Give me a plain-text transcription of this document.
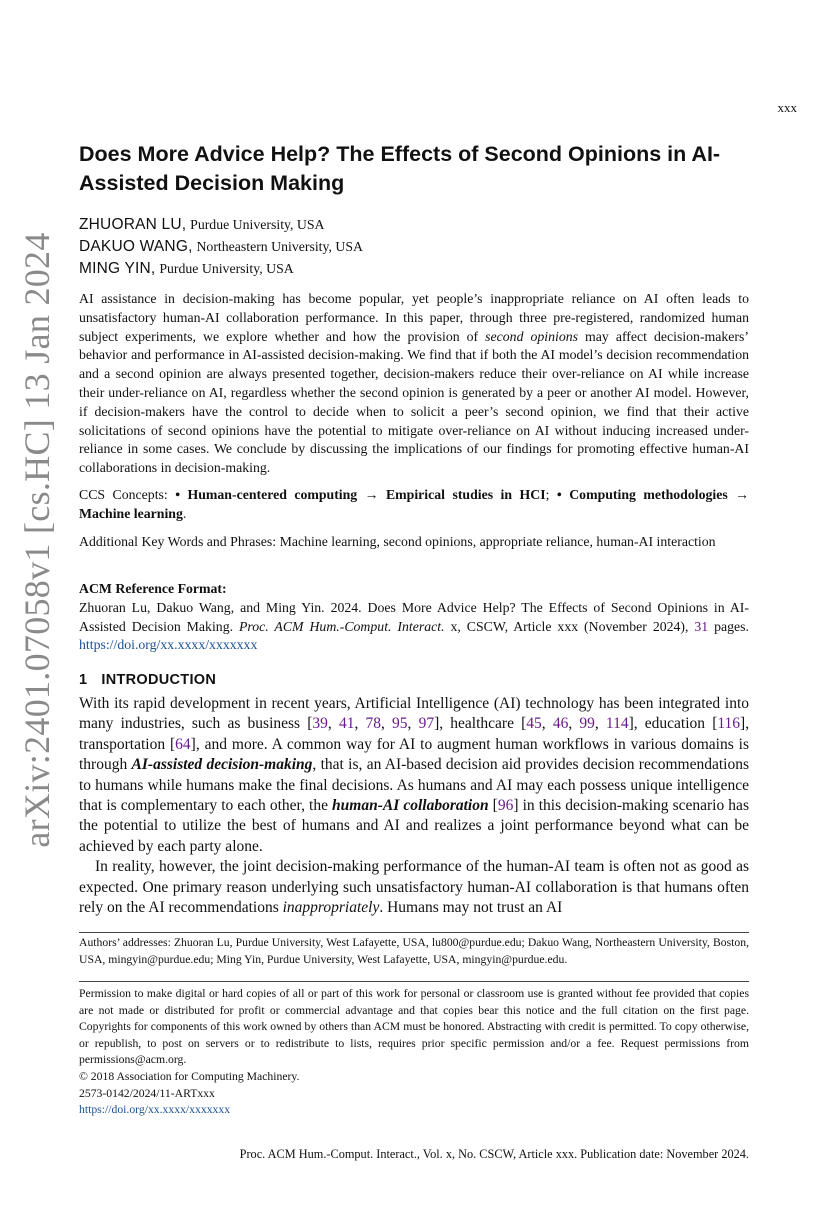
arXiv:2401.07058v1 [cs.HC] 13 Jan 2024
xxx
Does More Advice Help? The Effects of Second Opinions in AI-Assisted Decision Making
ZHUORAN LU, Purdue University, USA
DAKUO WANG, Northeastern University, USA
MING YIN, Purdue University, USA
AI assistance in decision-making has become popular, yet people’s inappropriate reliance on AI often leads to unsatisfactory human-AI collaboration performance. In this paper, through three pre-registered, randomized human subject experiments, we explore whether and how the provision of second opinions may affect decision-makers’ behavior and performance in AI-assisted decision-making. We find that if both the AI model’s decision recommendation and a second opinion are always presented together, decision-makers reduce their over-reliance on AI while increase their under-reliance on AI, regardless whether the second opinion is generated by a peer or another AI model. However, if decision-makers have the control to decide when to solicit a peer’s second opinion, we find that their active solicitations of second opinions have the potential to mitigate over-reliance on AI without inducing increased under-reliance in some cases. We conclude by discussing the implications of our findings for promoting effective human-AI collaborations in decision-making.
CCS Concepts: • Human-centered computing → Empirical studies in HCI; • Computing methodologies → Machine learning.
Additional Key Words and Phrases: Machine learning, second opinions, appropriate reliance, human-AI interaction
ACM Reference Format:
Zhuoran Lu, Dakuo Wang, and Ming Yin. 2024. Does More Advice Help? The Effects of Second Opinions in AI-Assisted Decision Making. Proc. ACM Hum.-Comput. Interact. x, CSCW, Article xxx (November 2024), 31 pages. https://doi.org/xx.xxxx/xxxxxxx
1 INTRODUCTION

With its rapid development in recent years, Artificial Intelligence (AI) technology has been integrated into many industries, such as business [39, 41, 78, 95, 97], healthcare [45, 46, 99, 114], education [116], transportation [64], and more. A common way for AI to augment human workflows in various domains is through AI-assisted decision-making, that is, an AI-based decision aid provides decision recommendations to humans while humans make the final decisions. As humans and AI may each possess unique intelligence that is complementary to each other, the human-AI collaboration [96] in this decision-making scenario has the potential to utilize the best of humans and AI and realizes a joint performance beyond what can be achieved by each party alone.

In reality, however, the joint decision-making performance of the human-AI team is often not as good as expected. One primary reason underlying such unsatisfactory human-AI collaboration is that humans often rely on the AI recommendations inappropriately. Humans may not trust an AI

Authors’ addresses: Zhuoran Lu, Purdue University, West Lafayette, USA, lu800@purdue.edu; Dakuo Wang, Northeastern University, Boston, USA, mingyin@purdue.edu; Ming Yin, Purdue University, West Lafayette, USA, mingyin@purdue.edu.
Permission to make digital or hard copies of all or part of this work for personal or classroom use is granted without fee provided that copies are not made or distributed for profit or commercial advantage and that copies bear this notice and the full citation on the first page. Copyrights for components of this work owned by others than ACM must be honored. Abstracting with credit is permitted. To copy otherwise, or republish, to post on servers or to redistribute to lists, requires prior specific permission and/or a fee. Request permissions from permissions@acm.org.
© 2018 Association for Computing Machinery.
2573-0142/2024/11-ARTxxx
https://doi.org/xx.xxxx/xxxxxxx
Proc. ACM Hum.-Comput. Interact., Vol. x, No. CSCW, Article xxx. Publication date: November 2024.
